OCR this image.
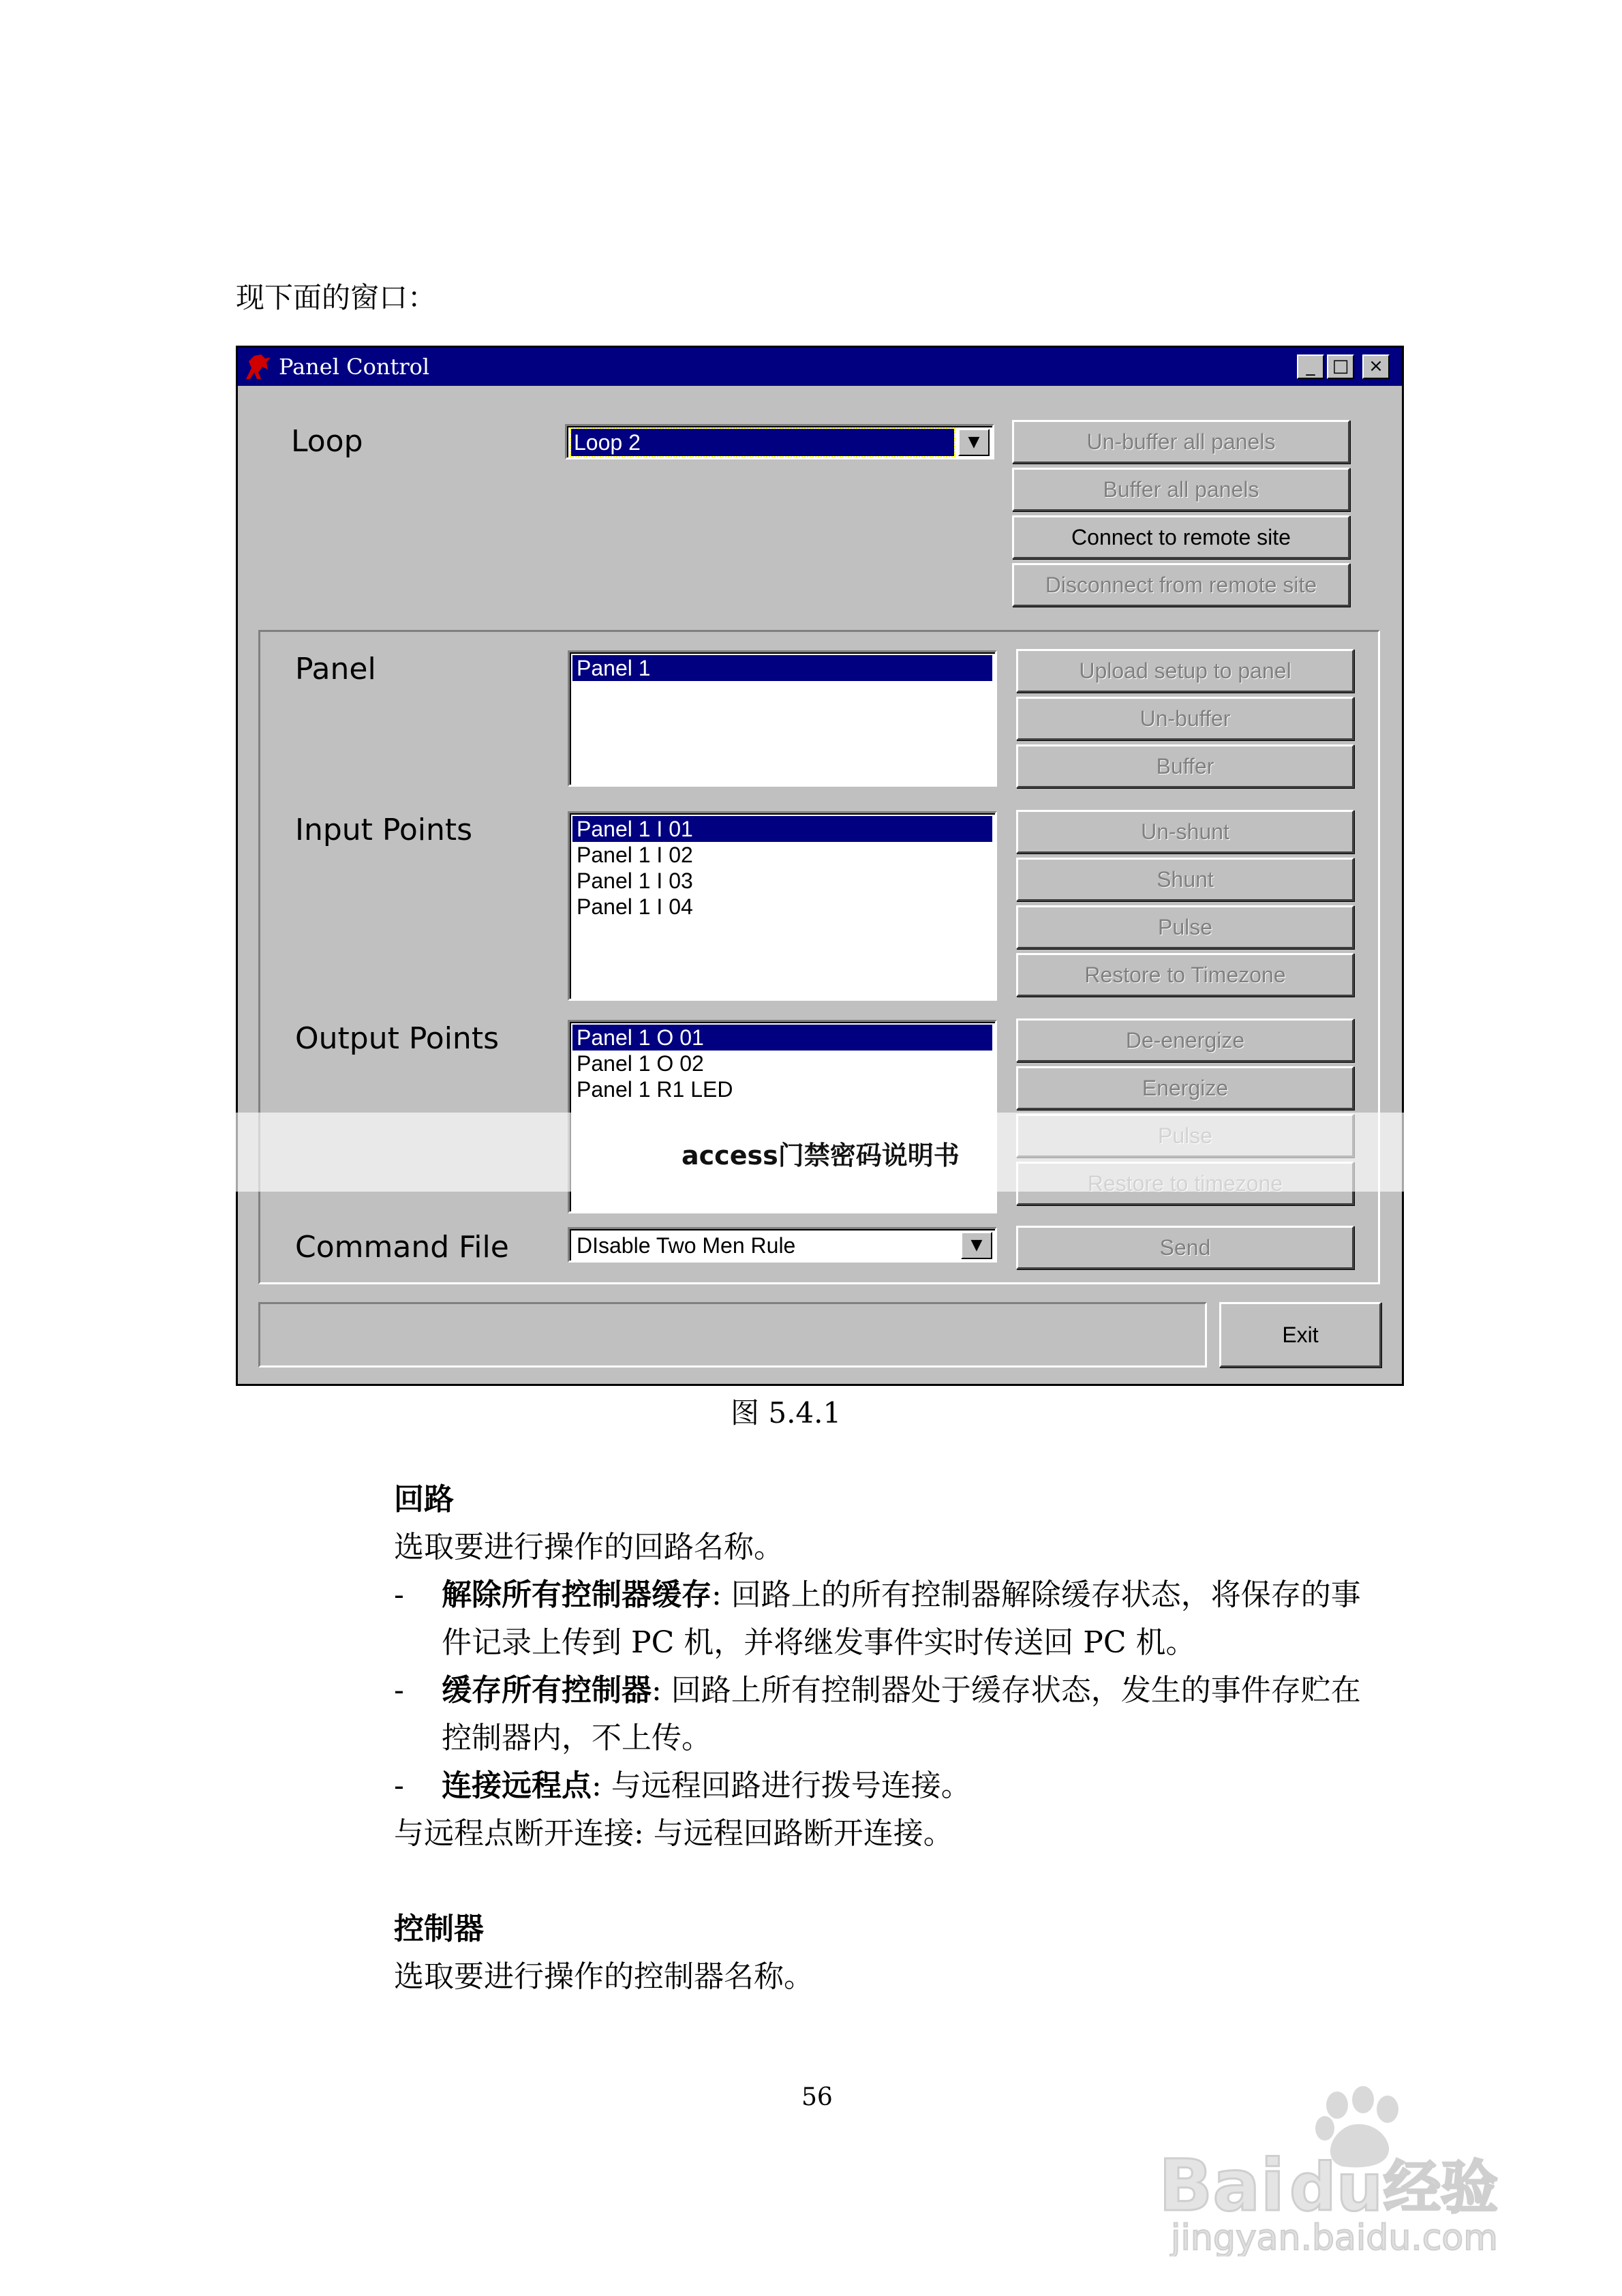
现下面的窗口：
Panel Control	_ □	×
Loop	Loop 2	▼	Un-buffer all panels
Buffer all panels
Connect to remote site
Disconnect from remote site
Panel	Panel 1	Upload setup to panel
Un-buffer
Buffer
Input Points	Panel 1 I 01
Panel 1 I 02
Panel 1 I 03
Panel 1 I 04
Un-shunt
Shunt
Pulse
Restore to Timezone
Output Points	Panel 1 O 01
Panel 1 O 02
Panel 1 R1 LED
De-energize
Energize
Command File	DIsable Two Men Rule	▼	Send
Exit
access门禁密码说明书
图 5.4.1
回路
选取要进行操作的回路名称。
- 解除所有控制器缓存: 回路上的所有控制器解除缓存状态，将保存的事
件记录上传到 PC 机，并将继发事件实时传送回 PC 机。
- 缓存所有控制器: 回路上所有控制器处于缓存状态，发生的事件存贮在
控制器内，不上传。
- 连接远程点: 与远程回路进行拨号连接。
与远程点断开连接: 与远程回路断开连接。
控制器
选取要进行操作的控制器名称。
56
Bai du 经验
jingyan.baidu.com
